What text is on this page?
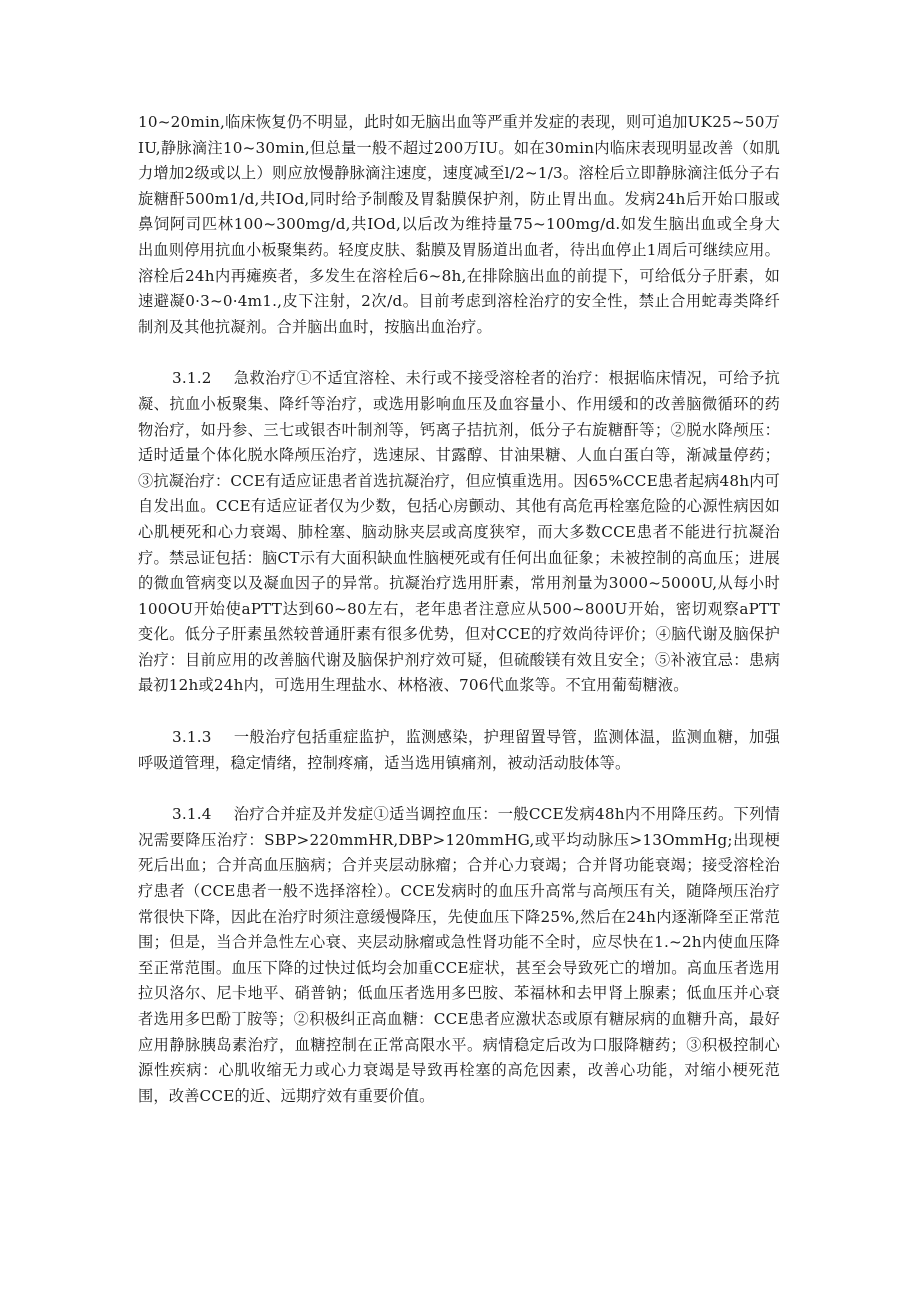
10~20min,临床恢复仍不明显，此时如无脑出血等严重并发症的表现，则可追加UK25~50万IU,静脉滴注10~30min,但总量一般不超过200万IU。如在30min内临床表现明显改善（如肌力增加2级或以上）则应放慢静脉滴注速度，速度减至l/2~1/3。溶栓后立即静脉滴注低分子右旋糖酐500m1/d,共IOd,同时给予制酸及胃黏膜保护剂，防止胃出血。发病24h后开始口服或鼻饲阿司匹林100~300mg/d,共IOd,以后改为维持量75~100mg/d.如发生脑出血或全身大出血则停用抗血小板聚集药。轻度皮肤、黏膜及胃肠道出血者，待出血停止1周后可继续应用。溶栓后24h内再瘫痪者，多发生在溶栓后6~8h,在排除脑出血的前提下，可给低分子肝素，如速避凝0·3~0·4m1.,皮下注射，2次/d。目前考虑到溶栓治疗的安全性，禁止合用蛇毒类降纤制剂及其他抗凝剂。合并脑出血时，按脑出血治疗。

3.1.2 急救治疗①不适宜溶栓、未行或不接受溶栓者的治疗：根据临床情况，可给予抗凝、抗血小板聚集、降纤等治疗，或选用影响血压及血容量小、作用缓和的改善脑微循环的药物治疗，如丹参、三七或银杏叶制剂等，钙离子拮抗剂，低分子右旋糖酐等；②脱水降颅压：适时适量个体化脱水降颅压治疗，选速尿、甘露醇、甘油果糖、人血白蛋白等，渐减量停药；③抗凝治疗：CCE有适应证患者首选抗凝治疗，但应慎重选用。因65%CCE患者起病48h内可自发出血。CCE有适应证者仅为少数，包括心房颤动、其他有高危再栓塞危险的心源性病因如心肌梗死和心力衰竭、肺栓塞、脑动脉夹层或高度狭窄，而大多数CCE患者不能进行抗凝治疗。禁忌证包括：脑CT示有大面积缺血性脑梗死或有任何出血征象；未被控制的高血压；进展的微血管病变以及凝血因子的异常。抗凝治疗选用肝素，常用剂量为3000~5000U,从每小时100OU开始使aPTT达到60~80左右，老年患者注意应从500~800U开始，密切观察aPTT变化。低分子肝素虽然较普通肝素有很多优势，但对CCE的疗效尚待评价；④脑代谢及脑保护治疗：目前应用的改善脑代谢及脑保护剂疗效可疑，但硫酸镁有效且安全；⑤补液宜忌：患病最初12h或24h内，可选用生理盐水、林格液、706代血浆等。不宜用葡萄糖液。

3.1.3 一般治疗包括重症监护，监测感染，护理留置导管，监测体温，监测血糖，加强呼吸道管理，稳定情绪，控制疼痛，适当选用镇痛剂，被动活动肢体等。

3.1.4 治疗合并症及并发症①适当调控血压：一般CCE发病48h内不用降压药。下列情况需要降压治疗：SBP>220mmHR,DBP>120mmHG,或平均动脉压>13OmmHg;出现梗死后出血；合并高血压脑病；合并夹层动脉瘤；合并心力衰竭；合并肾功能衰竭；接受溶栓治疗患者（CCE患者一般不选择溶栓）。CCE发病时的血压升高常与高颅压有关，随降颅压治疗常很快下降，因此在治疗时须注意缓慢降压，先使血压下降25%,然后在24h内逐渐降至正常范围；但是，当合并急性左心衰、夹层动脉瘤或急性肾功能不全时，应尽快在1.~2h内使血压降至正常范围。血压下降的过快过低均会加重CCE症状，甚至会导致死亡的增加。高血压者选用拉贝洛尔、尼卡地平、硝普钠；低血压者选用多巴胺、苯福林和去甲肾上腺素；低血压并心衰者选用多巴酚丁胺等；②积极纠正高血糖：CCE患者应激状态或原有糖尿病的血糖升高，最好应用静脉胰岛素治疗，血糖控制在正常高限水平。病情稳定后改为口服降糖药；③积极控制心源性疾病：心肌收缩无力或心力衰竭是导致再栓塞的高危因素，改善心功能，对缩小梗死范围，改善CCE的近、远期疗效有重要价值。
